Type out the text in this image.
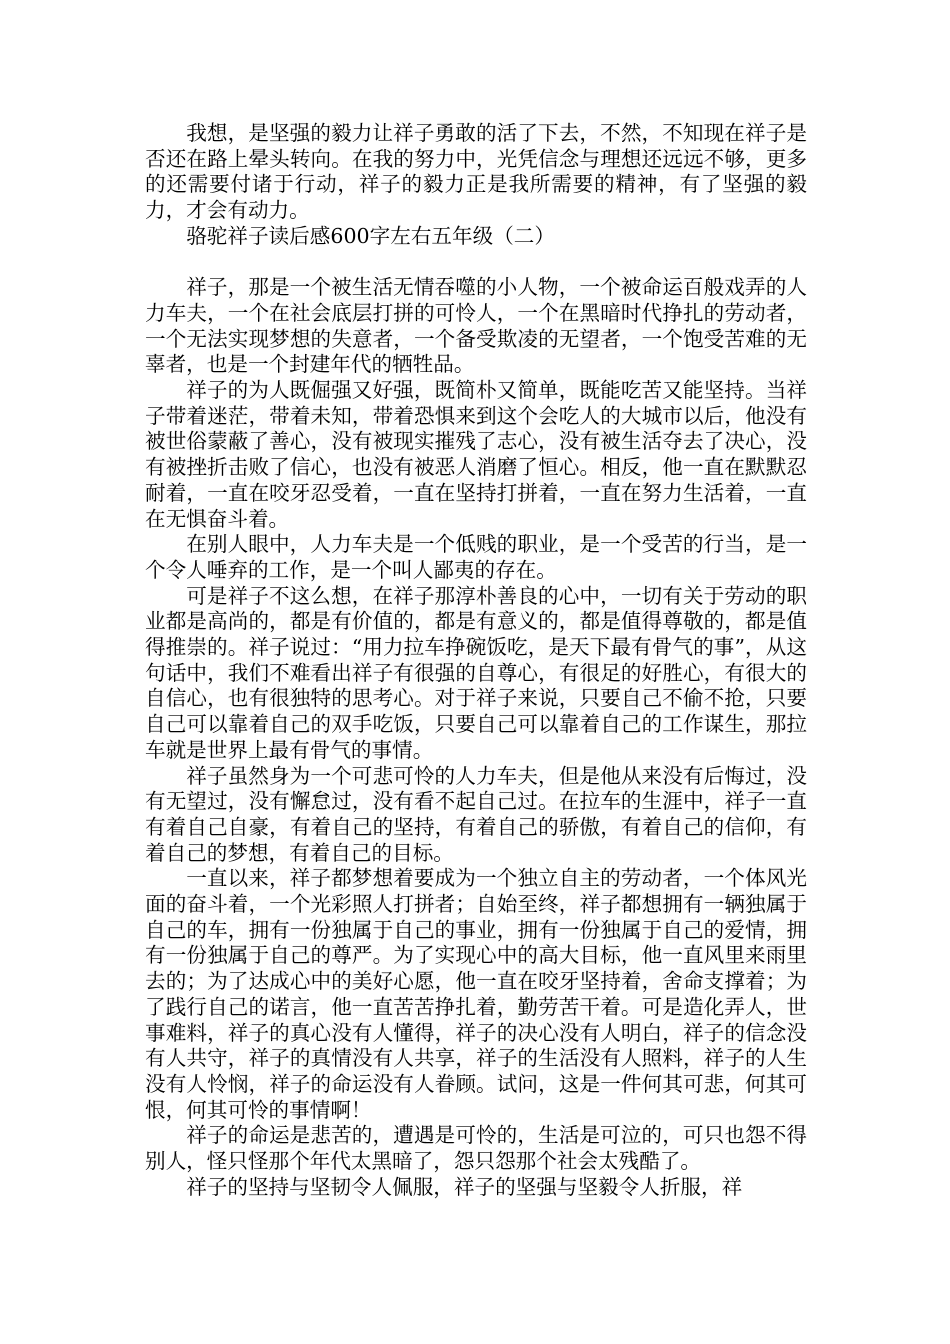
我想，是坚强的毅力让祥子勇敢的活了下去，不然，不知现在祥子是否还在路上晕头转向。在我的努力中，光凭信念与理想还远远不够，更多的还需要付诸于行动，祥子的毅力正是我所需要的精神，有了坚强的毅力，才会有动力。

骆驼祥子读后感600字左右五年级（二）

祥子，那是一个被生活无情吞噬的小人物，一个被命运百般戏弄的人力车夫，一个在社会底层打拼的可怜人，一个在黑暗时代挣扎的劳动者，一个无法实现梦想的失意者，一个备受欺凌的无望者，一个饱受苦难的无辜者，也是一个封建年代的牺牲品。

祥子的为人既倔强又好强，既简朴又简单，既能吃苦又能坚持。当祥子带着迷茫，带着未知，带着恐惧来到这个会吃人的大城市以后，他没有被世俗蒙蔽了善心，没有被现实摧残了志心，没有被生活夺去了决心，没有被挫折击败了信心，也没有被恶人消磨了恒心。相反，他一直在默默忍耐着，一直在咬牙忍受着，一直在坚持打拼着，一直在努力生活着，一直在无惧奋斗着。

在别人眼中，人力车夫是一个低贱的职业，是一个受苦的行当，是一个令人唾弃的工作，是一个叫人鄙夷的存在。

可是祥子不这么想，在祥子那淳朴善良的心中，一切有关于劳动的职业都是高尚的，都是有价值的，都是有意义的，都是值得尊敬的，都是值得推崇的。祥子说过：“用力拉车挣碗饭吃，是天下最有骨气的事”，从这句话中，我们不难看出祥子有很强的自尊心，有很足的好胜心，有很大的自信心，也有很独特的思考心。对于祥子来说，只要自己不偷不抢，只要自己可以靠着自己的双手吃饭，只要自己可以靠着自己的工作谋生，那拉车就是世界上最有骨气的事情。

祥子虽然身为一个可悲可怜的人力车夫，但是他从来没有后悔过，没有无望过，没有懈怠过，没有看不起自己过。在拉车的生涯中，祥子一直有着自己自豪，有着自己的坚持，有着自己的骄傲，有着自己的信仰，有着自己的梦想，有着自己的目标。

一直以来，祥子都梦想着要成为一个独立自主的劳动者，一个体风光面的奋斗着，一个光彩照人打拼者；自始至终，祥子都想拥有一辆独属于自己的车，拥有一份独属于自己的事业，拥有一份独属于自己的爱情，拥有一份独属于自己的尊严。为了实现心中的高大目标，他一直风里来雨里去的；为了达成心中的美好心愿，他一直在咬牙坚持着，舍命支撑着；为了践行自己的诺言，他一直苦苦挣扎着，勤劳苦干着。可是造化弄人，世事难料，祥子的真心没有人懂得，祥子的决心没有人明白，祥子的信念没有人共守，祥子的真情没有人共享，祥子的生活没有人照料，祥子的人生没有人怜悯，祥子的命运没有人眷顾。试问，这是一件何其可悲，何其可恨，何其可怜的事情啊！

祥子的命运是悲苦的，遭遇是可怜的，生活是可泣的，可只也怨不得别人，怪只怪那个年代太黑暗了，怨只怨那个社会太残酷了。

祥子的坚持与坚韧令人佩服，祥子的坚强与坚毅令人折服，祥
